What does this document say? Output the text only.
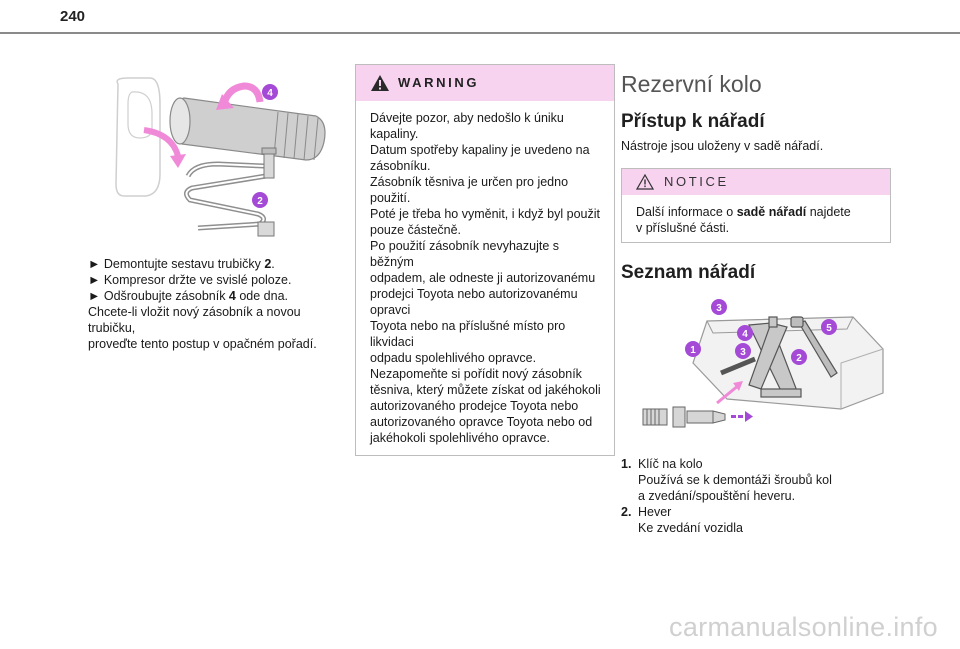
240
4
2

► Demontujte sestavu trubičky 2.

► Kompresor držte ve svislé poloze.

► Odšroubujte zásobník 4 ode dna.

Chcete-li vložit nový zásobník a novou trubičku,

proveďte tento postup v opačném pořadí.

WARNING

Dávejte pozor, aby nedošlo k úniku kapaliny.

Datum spotřeby kapaliny je uvedeno na

zásobníku.

Zásobník těsniva je určen pro jedno použití.

Poté je třeba ho vyměnit, i když byl použit

pouze částečně.

Po použití zásobník nevyhazujte s běžným

odpadem, ale odneste ji autorizovanému

prodejci Toyota nebo autorizovanému opravci

Toyota nebo na příslušné místo pro likvidaci

odpadu spolehlivého opravce.

Nezapomeňte si pořídit nový zásobník

těsniva, který můžete získat od jakéhokoli

autorizovaného prodejce Toyota nebo

autorizovaného opravce Toyota nebo od

jakéhokoli spolehlivého opravce.

Rezervní kolo
Přístup k nářadí
Nástroje jsou uloženy v sadě nářadí.
NOTICE

Další informace o sadě nářadí najdete

v příslušné části.

Seznam nářadí
3
4
5
1	3
2
1. Klíč na kolo

Používá se k demontáži šroubů kol

a zvedání/spouštění heveru.

2. Hever

Ke zvedání vozidla

carmanualsonline.info
